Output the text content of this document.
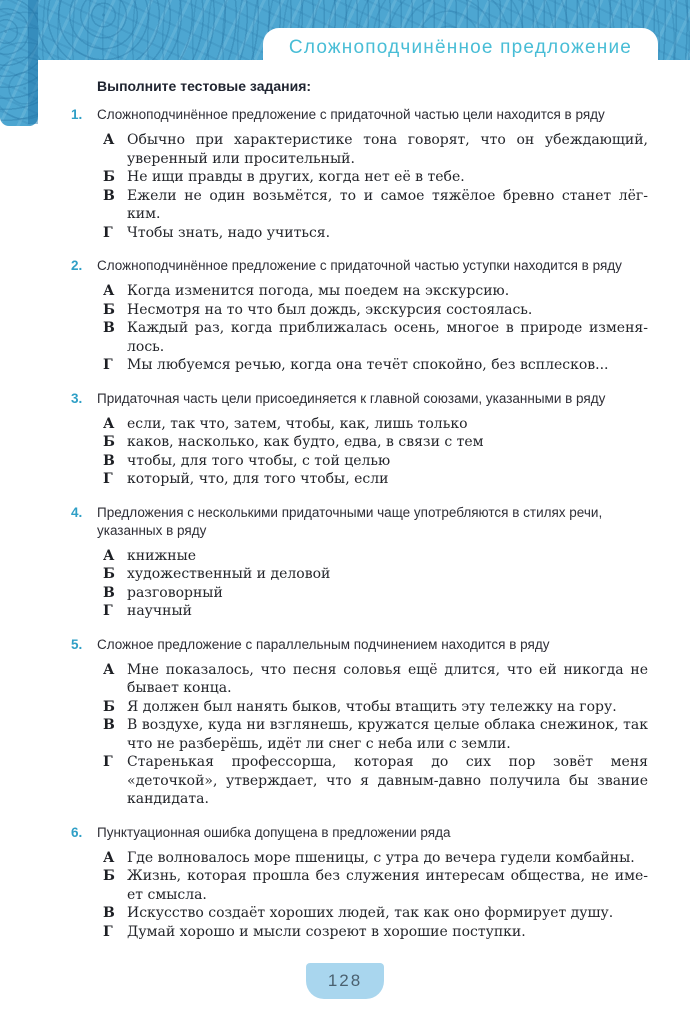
Сложноподчинённое предложение

Выполните тестовые задания:

1. Сложноподчинённое предложение с придаточной частью цели находится в ряду

А Обычно при характеристике тона говорят, что он убеждающий, уверенный или просительный.
Б Не ищи правды в других, когда нет её в тебе.
В Ежели не один возьмётся, то и самое тяжёлое бревно станет лёг-ким.
Г	Чтобы знать, надо учиться.
2. Сложноподчинённое предложение с придаточной частью уступки находится в ряду

А Когда изменится погода, мы поедем на экскурсию.
Б Несмотря на то что был дождь, экскурсия состоялась.
В Каждый раз, когда приближалась осень, многое в природе изменя-лось.
Г	Мы любуемся речью, когда она течёт спокойно, без всплесков...
3. Придаточная часть цели присоединяется к главной союзами, указанными в ряду

А если, так что, затем, чтобы, как, лишь только
Б каков, насколько, как будто, едва, в связи с тем
В чтобы, для того чтобы, с той целью
Г	который, что, для того чтобы, если
4. Предложения с несколькими придаточными чаще употребляются в стилях речи, указанных в ряду

А книжные
Б художественный и деловой
В разговорный
Г	научный
5. Сложное предложение с параллельным подчинением находится в ряду

А Мне показалось, что песня соловья ещё длится, что ей никогда не бывает конца.
Б Я должен был нанять быков, чтобы втащить эту тележку на гору.
В В воздухе, куда ни взглянешь, кружатся целые облака снежинок, так что не разберёшь, идёт ли снег с неба или с земли.
Г	Старенькая профессорша, которая до сих пор зовёт меня «деточкой», утверждает, что я давным-давно получила бы звание кандидата.
6. Пунктуационная ошибка допущена в предложении ряда

А Где волновалось море пшеницы, с утра до вечера гудели комбайны.
Б Жизнь, которая прошла без служения интересам общества, не име-ет смысла.
В Искусство создаёт хороших людей, так как оно формирует душу.
Г	Думай хорошо и мысли созреют в хорошие поступки.
128
